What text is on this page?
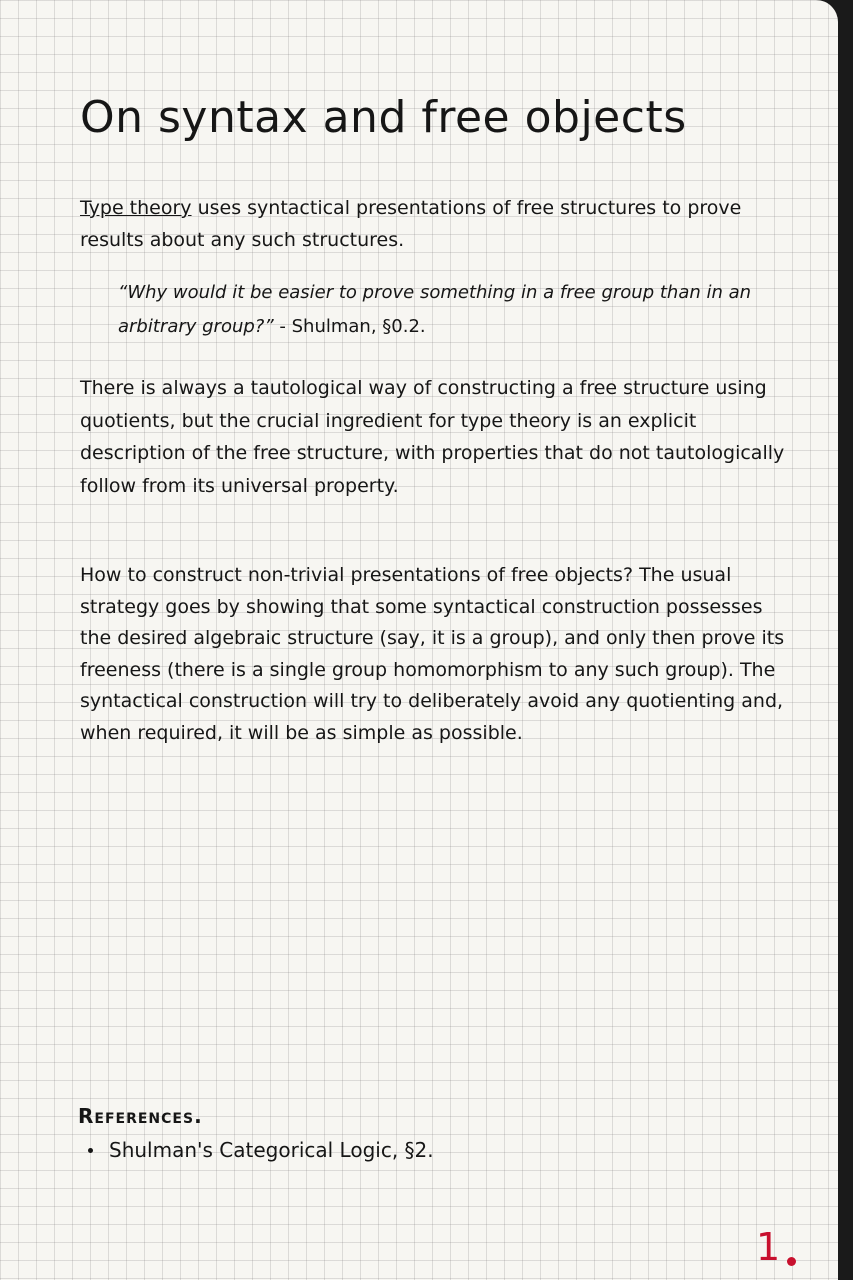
On syntax and free objects

Type theory uses syntactical presentations of free structures to prove results about any such structures.

“Why would it be easier to prove something in a free group than in an arbitrary group?” - Shulman, §0.2.

There is always a tautological way of constructing a free structure using quotients, but the crucial ingredient for type theory is an explicit description of the free structure, with properties that do not tautologically follow from its universal property.

How to construct non-trivial presentations of free objects? The usual strategy goes by showing that some syntactical construction possesses the desired algebraic structure (say, it is a group), and only then prove its freeness (there is a single group homomorphism to any such group). The syntactical construction will try to deliberately avoid any quotienting and, when required, it will be as simple as possible.

References.
Shulman's Categorical Logic, §2.
1
